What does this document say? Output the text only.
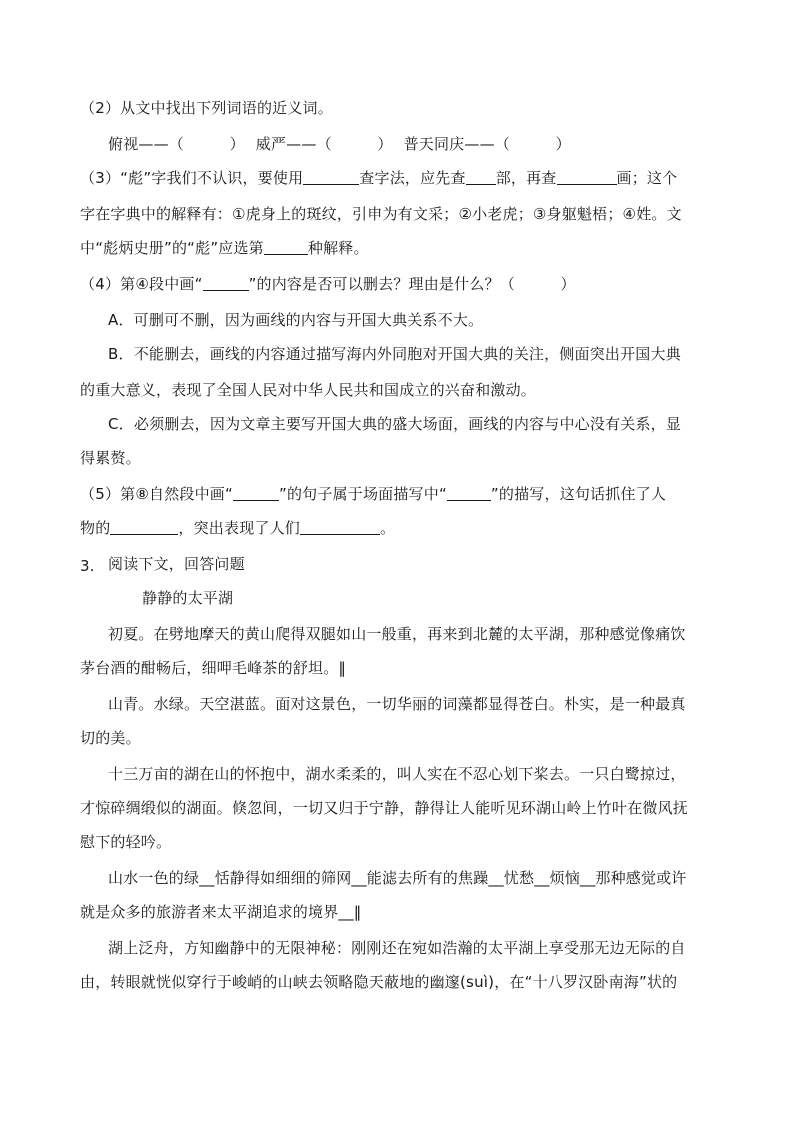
（2）从文中找出下列词语的近义词。
俯视——（　　　） 威严——（　　　） 普天同庆——（　　　）
（3）“彪”字我们不认识，要使用	查字法，应先查 部，再查	画；这个
字在字典中的解释有：①虎身上的斑纹，引申为有文采；②小老虎；③身躯魁梧；④姓。文
中“彪炳史册”的“彪”应选第	种解释。
（4）第④段中画“	”的内容是否可以删去？理由是什么？（　　　）
A．可删可不删，因为画线的内容与开国大典关系不大。
B．不能删去，画线的内容通过描写海内外同胞对开国大典的关注，侧面突出开国大典
的重大意义，表现了全国人民对中华人民共和国成立的兴奋和激动。
C．必须删去，因为文章主要写开国大典的盛大场面，画线的内容与中心没有关系，显
得累赘。
（5）第⑧自然段中画“	”的句子属于场面描写中“	”的描写，这句话抓住了人
物的	，突出表现了人们	。
3. 阅读下文，回答问题
静静的太平湖
初夏。在劈地摩天的黄山爬得双腿如山一般重，再来到北麓的太平湖，那种感觉像痛饮
茅台酒的酣畅后，细呷毛峰茶的舒坦。‖
山青。水绿。天空湛蓝。面对这景色，一切华丽的词藻都显得苍白。朴实，是一种最真
切的美。
十三万亩的湖在山的怀抱中，湖水柔柔的，叫人实在不忍心划下桨去。一只白鹭掠过，
才惊碎绸缎似的湖面。倏忽间，一切又归于宁静，静得让人能听见环湖山岭上竹叶在微风抚
慰下的轻吟。
山水一色的绿__恬静得如细细的筛网__能滤去所有的焦躁__忧愁__烦恼__那种感觉或许
就是众多的旅游者来太平湖追求的境界__‖
湖上泛舟，方知幽静中的无限神秘：刚刚还在宛如浩瀚的太平湖上享受那无边无际的自
由，转眼就恍似穿行于峻峭的山峡去领略隐天蔽地的幽邃(suì)，在“十八罗汉卧南海”状的
